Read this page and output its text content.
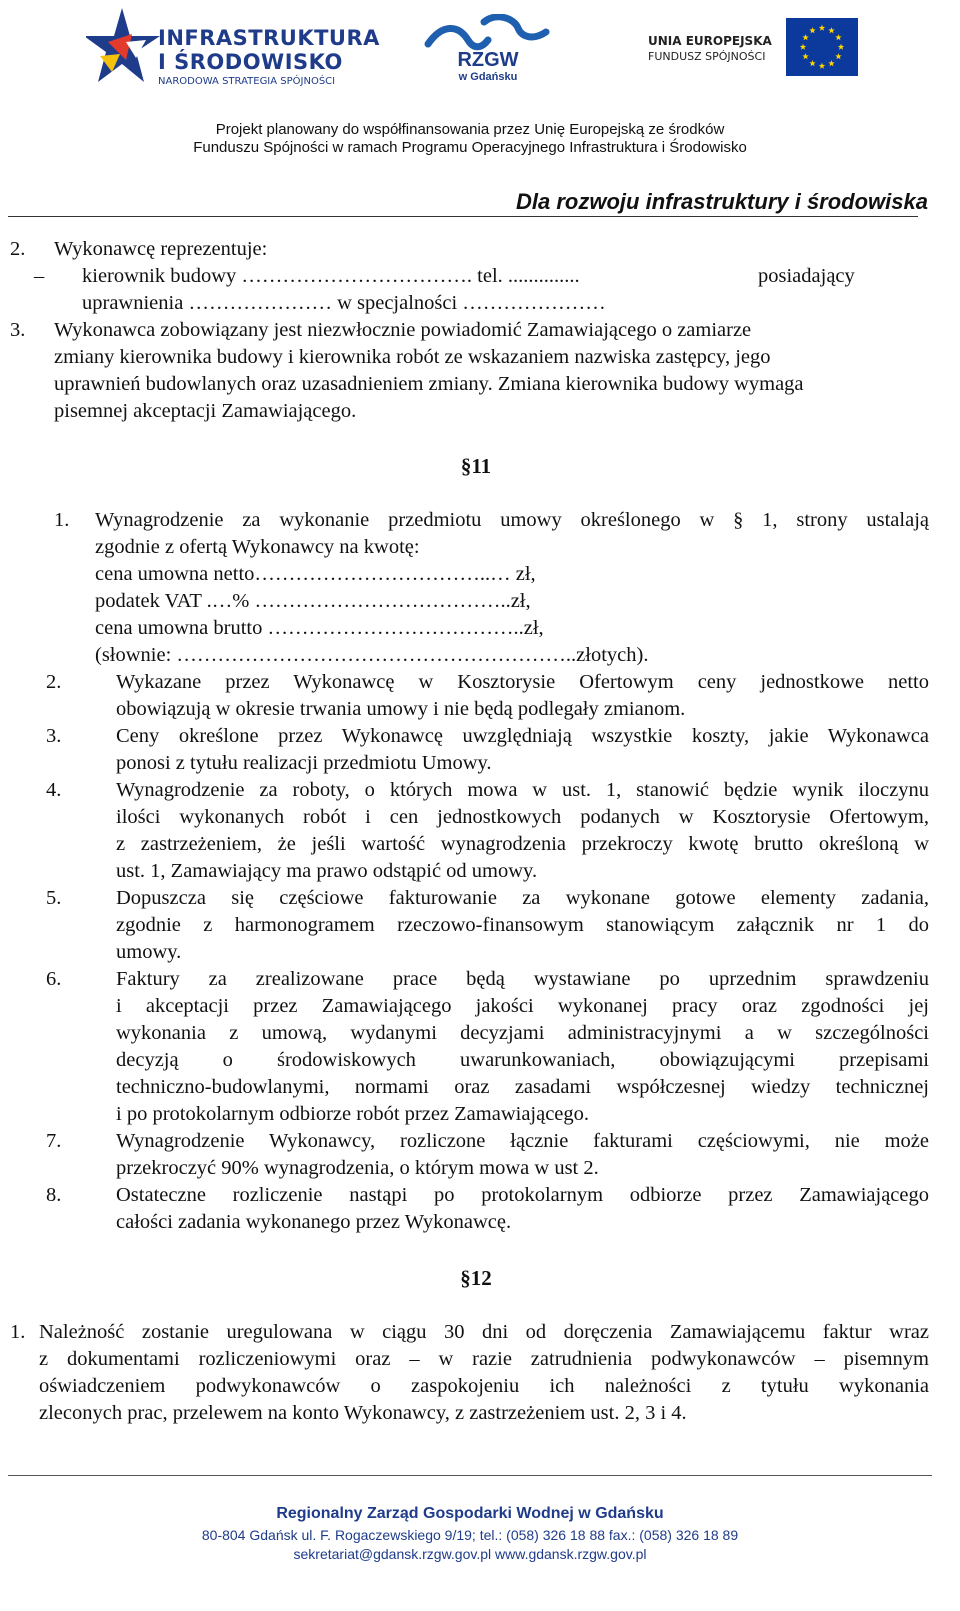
INFRASTRUKTURA
I ŚRODOWISKO
NARODOWA STRATEGIA SPÓJNOŚCI
RZGW
w Gdańsku
UNIA EUROPEJSKA
FUNDUSZ SPÓJNOŚCI
Projekt planowany do współfinansowania przez Unię Europejską ze środków
Funduszu Spójności w ramach Programu Operacyjnego Infrastruktura i Środowisko
Dla rozwoju infrastruktury i środowiska
2. Wykonawcę reprezentuje:
– kierownik budowy ……………………………. tel. ..............	posiadający
uprawnienia ………………… w specjalności …………………
3. Wykonawca zobowiązany jest niezwłocznie powiadomić Zamawiającego o zamiarze
zmiany kierownika budowy i kierownika robót ze wskazaniem nazwiska zastępcy, jego
uprawnień budowlanych oraz uzasadnieniem zmiany. Zmiana kierownika budowy wymaga
pisemnej akceptacji Zamawiającego.
§11
1. Wynagrodzenie za wykonanie przedmiotu umowy określonego w § 1, strony ustalają
zgodnie z ofertą Wykonawcy na kwotę:
cena umowna netto……………………………..… zł,
podatek VAT .…% ………………………………..zł,
cena umowna brutto ………………………………..zł,
(słownie: …………………………………………………..złotych).
2.	Wykazane przez Wykonawcę w Kosztorysie Ofertowym ceny jednostkowe netto
obowiązują w okresie trwania umowy i nie będą podlegały zmianom.
3.	Ceny określone przez Wykonawcę uwzględniają wszystkie koszty, jakie Wykonawca
ponosi z tytułu realizacji przedmiotu Umowy.
4.	Wynagrodzenie za roboty, o których mowa w ust. 1, stanowić będzie wynik iloczynu
ilości wykonanych robót i cen jednostkowych podanych w Kosztorysie Ofertowym,
z zastrzeżeniem, że jeśli wartość wynagrodzenia przekroczy kwotę brutto określoną w
ust. 1, Zamawiający ma prawo odstąpić od umowy.
5.	Dopuszcza się częściowe fakturowanie za wykonane gotowe elementy zadania,
zgodnie z harmonogramem rzeczowo-finansowym stanowiącym załącznik nr 1 do
umowy.
6.	Faktury za zrealizowane prace będą wystawiane po uprzednim sprawdzeniu
i akceptacji przez Zamawiającego jakości wykonanej pracy oraz zgodności jej
wykonania z umową, wydanymi decyzjami administracyjnymi a w szczególności
decyzją o środowiskowych uwarunkowaniach, obowiązującymi przepisami
techniczno-budowlanymi, normami oraz zasadami współczesnej wiedzy technicznej
i po protokolarnym odbiorze robót przez Zamawiającego.
7.	Wynagrodzenie Wykonawcy, rozliczone łącznie fakturami częściowymi, nie może
przekroczyć 90% wynagrodzenia, o którym mowa w ust 2.
8.	Ostateczne rozliczenie nastąpi po protokolarnym odbiorze przez Zamawiającego
całości zadania wykonanego przez Wykonawcę.
§12
1. Należność zostanie uregulowana w ciągu 30 dni od doręczenia Zamawiającemu faktur wraz
z dokumentami rozliczeniowymi oraz – w razie zatrudnienia podwykonawców – pisemnym
oświadczeniem podwykonawców o zaspokojeniu ich należności z tytułu wykonania
zleconych prac, przelewem na konto Wykonawcy, z zastrzeżeniem ust. 2, 3 i 4.
Regionalny Zarząd Gospodarki Wodnej w Gdańsku
80-804 Gdańsk ul. F. Rogaczewskiego 9/19; tel.: (058) 326 18 88 fax.: (058) 326 18 89
sekretariat@gdansk.rzgw.gov.pl www.gdansk.rzgw.gov.pl
